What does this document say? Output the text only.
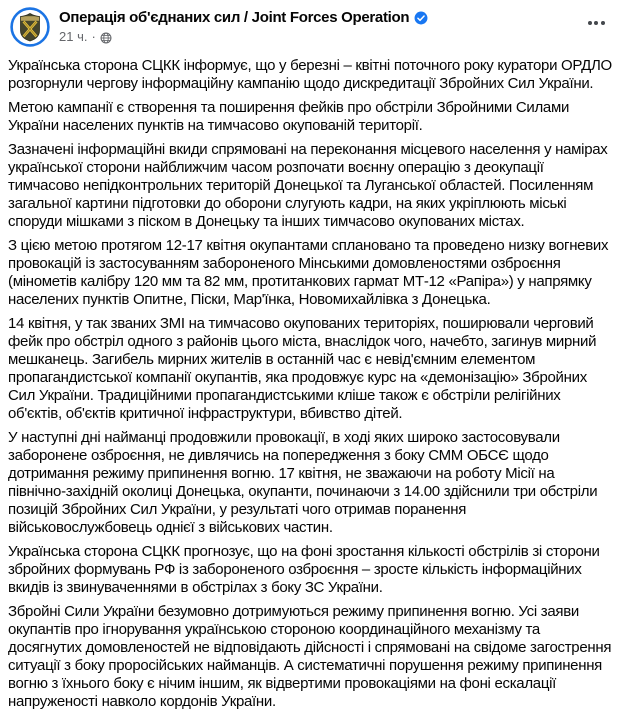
Операція об'єднаних сил / Joint Forces Operation
21 ч. ·

Українська сторона СЦКК інформує, що у березні – квітні поточного року куратори ОРДЛО розгорнули чергову інформаційну кампанію щодо дискредитації Збройних Сил України.

Метою кампанії є створення та поширення фейків про обстріли Збройними Силами України населених пунктів на тимчасово окупованій території.

Зазначені інформаційні вкиди спрямовані на переконання місцевого населення у намірах української сторони найближчим часом розпочати воєнну операцію з деокупації тимчасово непідконтрольних територій Донецької та Луганської областей. Посиленням загальної картини підготовки до оборони слугують кадри, на яких укріплюють міські споруди мішками з піском в Донецьку та інших тимчасово окупованих містах.

З цією метою протягом 12-17 квітня окупантами сплановано та проведено низку вогневих провокацій із застосуванням забороненого Мінськими домовленостями озброєння (мінометів калібру 120 мм та 82 мм, протитанкових гармат МТ-12 «Рапіра») у напрямку населених пунктів Опитне, Піски, Мар'їнка, Новомихайлівка з Донецька.

14 квітня, у так званих ЗМІ на тимчасово окупованих територіях, поширювали черговий фейк про обстріл одного з районів цього міста, внаслідок чого, начебто, загинув мирний мешканець. Загибель мирних жителів в останній час є невід'ємним елементом пропагандистської компанії окупантів, яка продовжує курс на «демонізацію» Збройних Сил України. Традиційними пропагандистськими кліше також є обстріли релігійних об'єктів, об'єктів критичної інфраструктури, вбивство дітей.

У наступні дні найманці продовжили провокації, в ході яких широко застосовували заборонене озброєння, не дивлячись на попередження з боку СММ ОБСЄ щодо дотримання режиму припинення вогню. 17 квітня, не зважаючи на роботу Місії на північно-західній околиці Донецька, окупанти, починаючи з 14.00 здійснили три обстріли позицій Збройних Сил України, у результаті чого отримав поранення військовослужбовець однієї з військових частин.

Українська сторона СЦКК прогнозує, що на фоні зростання кількості обстрілів зі сторони збройних формувань РФ із забороненого озброєння – зросте кількість інформаційних вкидів із звинуваченнями в обстрілах з боку ЗС України.

Збройні Сили України безумовно дотримуються режиму припинення вогню. Усі заяви окупантів про ігнорування українською стороною координаційного механізму та досягнутих домовленостей не відповідають дійсності і спрямовані на свідоме загострення ситуації з боку проросійських найманців. А систематичні порушення режиму припинення вогню з їхнього боку є нічим іншим, як відвертими провокаціями на фоні ескалації напруженості навколо кордонів України.
